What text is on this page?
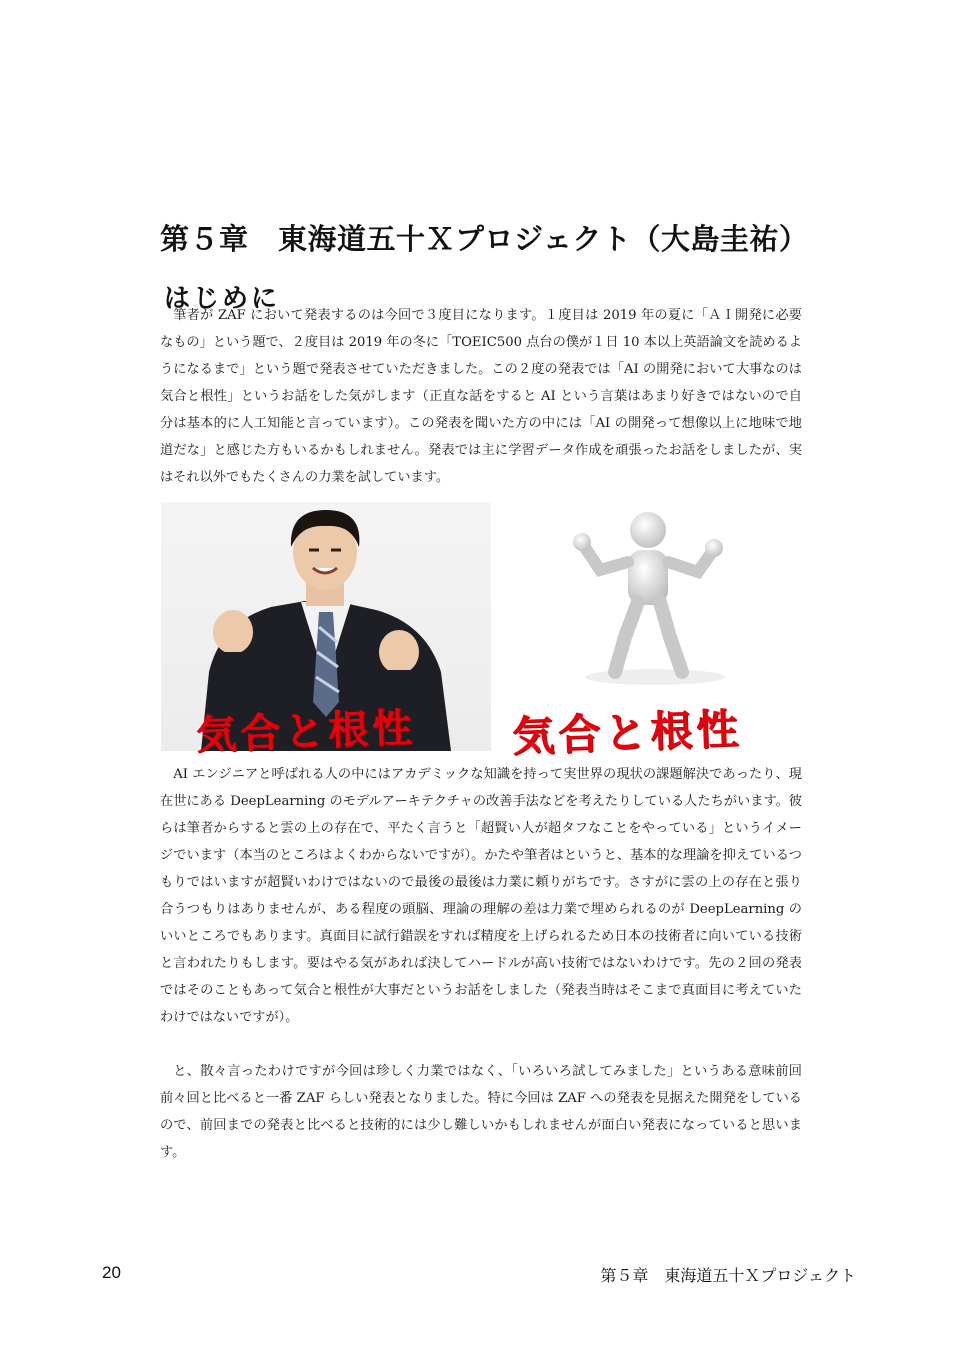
第５章　東海道五十Ｘプロジェクト（大島圭祐）
はじめに

筆者が ZAF において発表するのは今回で３度目になります。１度目は 2019 年の夏に「ＡＩ開発に必要なもの」という題で、２度目は 2019 年の冬に「TOEIC500 点台の僕が１日 10 本以上英語論文を読めるようになるまで」という題で発表させていただきました。この２度の発表では「AI の開発において大事なのは気合と根性」というお話をした気がします（正直な話をすると AI という言葉はあまり好きではないので自分は基本的に人工知能と言っています）。この発表を聞いた方の中には「AI の開発って想像以上に地味で地道だな」と感じた方もいるかもしれません。発表では主に学習データ作成を頑張ったお話をしましたが、実はそれ以外でもたくさんの力業を試しています。

気合と根性 気合と根性

AI エンジニアと呼ばれる人の中にはアカデミックな知識を持って実世界の現状の課題解決であったり、現在世にある DeepLearning のモデルアーキテクチャの改善手法などを考えたりしている人たちがいます。彼らは筆者からすると雲の上の存在で、平たく言うと「超賢い人が超タフなことをやっている」というイメージでいます（本当のところはよくわからないですが）。かたや筆者はというと、基本的な理論を抑えているつもりではいますが超賢いわけではないので最後の最後は力業に頼りがちです。さすがに雲の上の存在と張り合うつもりはありませんが、ある程度の頭脳、理論の理解の差は力業で埋められるのが DeepLearning のいいところでもあります。真面目に試行錯誤をすれば精度を上げられるため日本の技術者に向いている技術と言われたりもします。要はやる気があれば決してハードルが高い技術ではないわけです。先の２回の発表ではそのこともあって気合と根性が大事だというお話をしました（発表当時はそこまで真面目に考えていたわけではないですが）。

と、散々言ったわけですが今回は珍しく力業ではなく、「いろいろ試してみました」というある意味前回前々回と比べると一番 ZAF らしい発表となりました。特に今回は ZAF への発表を見据えた開発をしているので、前回までの発表と比べると技術的には少し難しいかもしれませんが面白い発表になっていると思います。

20	第５章　東海道五十Ｘプロジェクト
